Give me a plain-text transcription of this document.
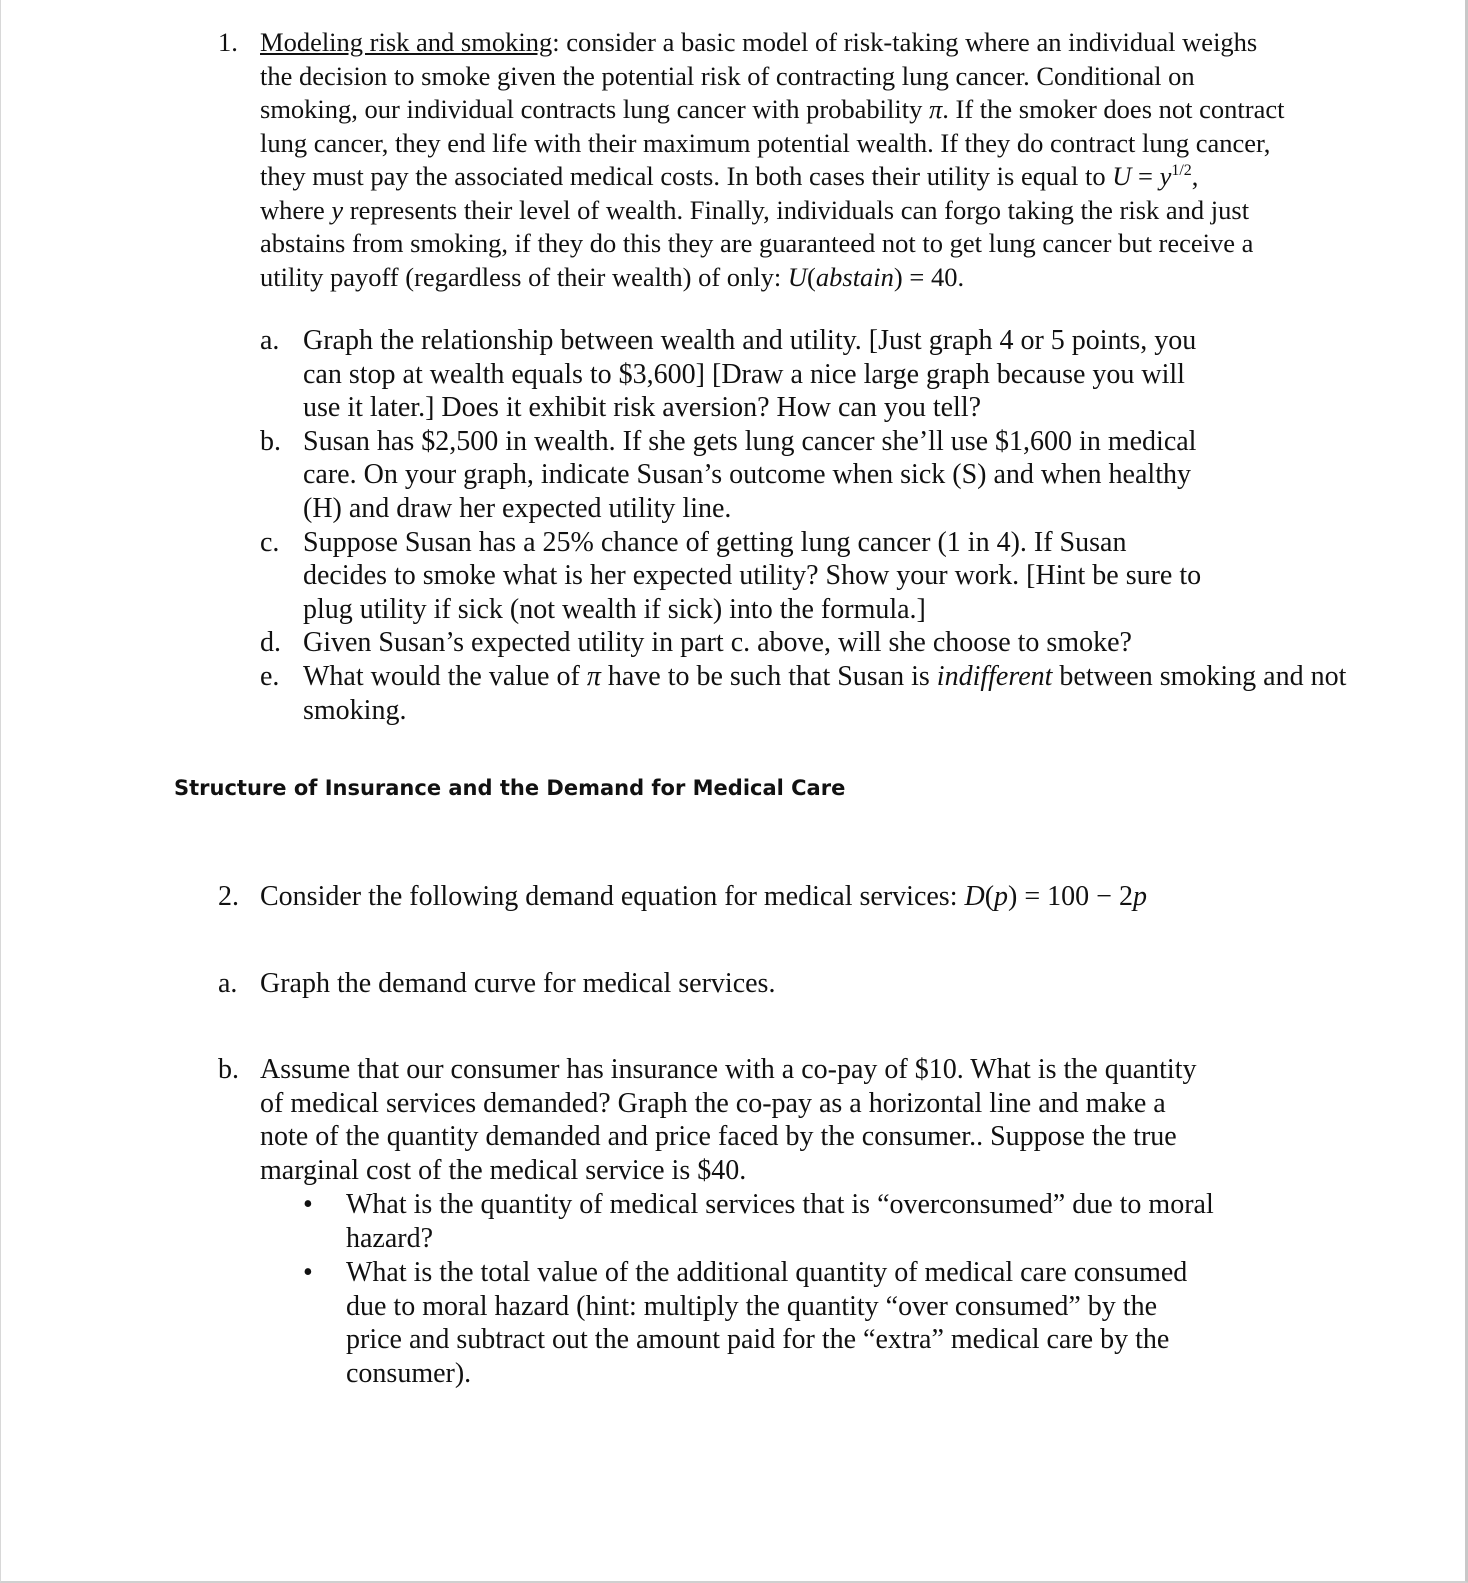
1. Modeling risk and smoking: consider a basic model of risk-taking where an individual weighs
the decision to smoke given the potential risk of contracting lung cancer. Conditional on
smoking, our individual contracts lung cancer with probability π. If the smoker does not contract
lung cancer, they end life with their maximum potential wealth. If they do contract lung cancer,
they must pay the associated medical costs. In both cases their utility is equal to $U = y^{1/2}$,
where y represents their level of wealth. Finally, individuals can forgo taking the risk and just
abstains from smoking, if they do this they are guaranteed not to get lung cancer but receive a
utility payoff (regardless of their wealth) of only: U(abstain) = 40.
a. Graph the relationship between wealth and utility. [Just graph 4 or 5 points, you
can stop at wealth equals to $3,600] [Draw a nice large graph because you will
use it later.] Does it exhibit risk aversion? How can you tell?
b. Susan has $2,500 in wealth. If she gets lung cancer she’ll use $1,600 in medical
care. On your graph, indicate Susan’s outcome when sick (S) and when healthy
(H) and draw her expected utility line.
c. Suppose Susan has a 25% chance of getting lung cancer (1 in 4). If Susan
decides to smoke what is her expected utility? Show your work. [Hint be sure to
plug utility if sick (not wealth if sick) into the formula.]
d. Given Susan’s expected utility in part c. above, will she choose to smoke?
e. What would the value of π have to be such that Susan is indifferent between smoking and not
smoking.
Structure of Insurance and the Demand for Medical Care
2. Consider the following demand equation for medical services: D(p) = 100 − 2p
a. Graph the demand curve for medical services.
b. Assume that our consumer has insurance with a co-pay of $10. What is the quantity
of medical services demanded? Graph the co-pay as a horizontal line and make a
note of the quantity demanded and price faced by the consumer.. Suppose the true
marginal cost of the medical service is $40.
• What is the quantity of medical services that is “overconsumed” due to moral
hazard?
• What is the total value of the additional quantity of medical care consumed
due to moral hazard (hint: multiply the quantity “over consumed” by the
price and subtract out the amount paid for the “extra” medical care by the
consumer).
